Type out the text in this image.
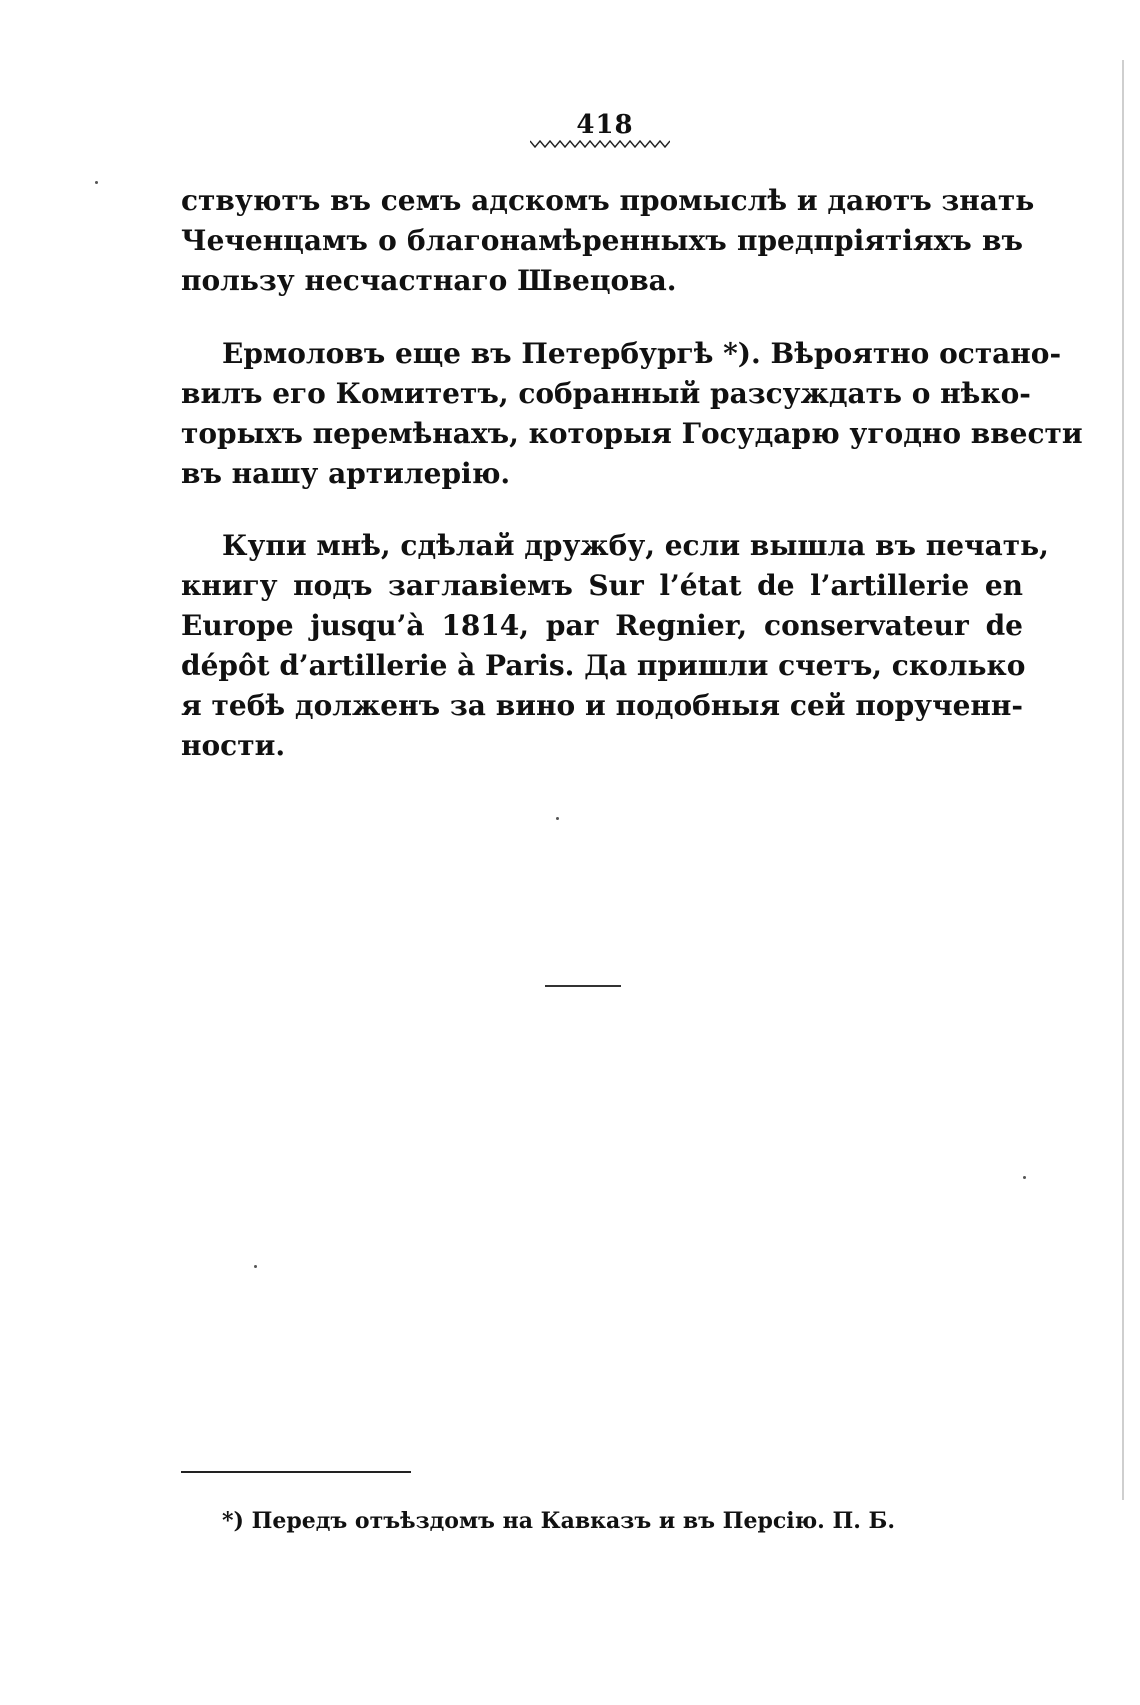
418
ствуютъ въ семъ адскомъ промыслѣ и даютъ знать
Чеченцамъ о благонамѣренныхъ предпріятіяхъ въ
пользу несчастнаго Швецова.
Ермоловъ еще въ Петербургѣ *). Вѣроятно остано-
вилъ его Комитетъ, собранный разсуждать о нѣко-
торыхъ перемѣнахъ, которыя Государю угодно ввести
въ нашу артилерію.
Купи мнѣ, сдѣлай дружбу, если вышла въ печать,
книгу подъ заглавіемъ Sur l’état de l’artillerie en
Europe jusqu’à 1814, par Regnier, conservateur de
dépôt d’artillerie à Paris. Да пришли счетъ, сколько
я тебѣ долженъ за вино и подобныя сей порученн-
ности.
*) Передъ отъѣздомъ на Кавказъ и въ Персію. П. Б.
